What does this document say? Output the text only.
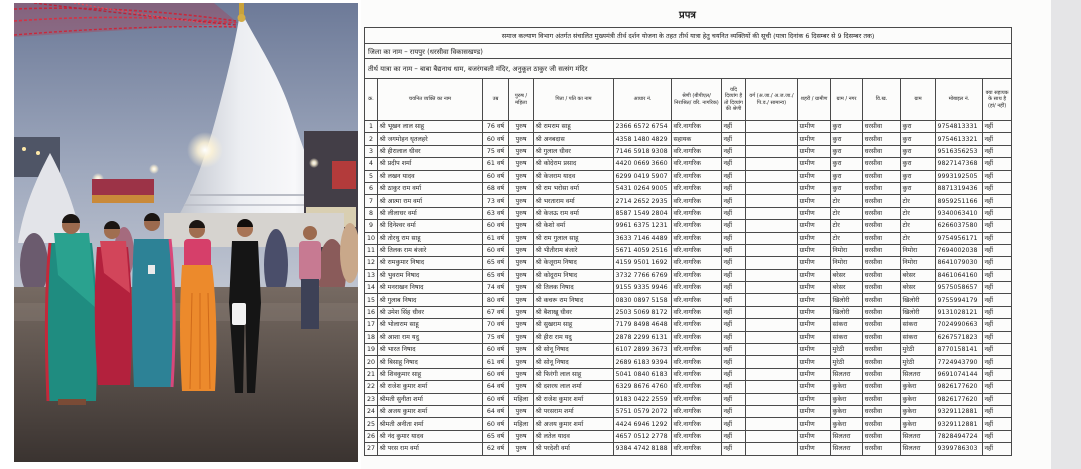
प्रपत्र
समाज कल्याण विभाग अंतर्गत संचालित मुख्यमंत्री तीर्थ दर्शन योजना के तहत तीर्थ यात्रा हेतु चयनित व्यक्तियों की सूची (यात्रा दिनांक 6 दिसम्बर से 9 दिसम्बर तक)														
जिला का नाम – रायपुर (धरसीवा विकासखण्ड)														
तीर्थ यात्रा का नाम – बाबा बैद्यनाथ धाम, बजरंगबली मंदिर, अनुकूल ठाकुर जी सत्संग मंदिर														
क्र.	चयनित व्यक्ति का नाम	उम्र	पुरुष / महिला	पिता / पति का नाम	आधार नं.	श्रेणी (बीपीएल/ निराश्रित/ वरि. नागरिक)	यदि दिव्यांग है तो दिव्यांग की श्रेणी	वर्ग (अ.जा./ अ.ज.जा./ पि.व./ सामान्य)	शहरी / ग्रामीण	ग्राम / नगर	वि.ख.	ग्राम	मोबाइल नं.	क्या सहायक के साथ है (हां/ नहीं)
1	श्री भूखन लाल साहू	76 वर्ष	पुरुष	श्री रामराम साहू	2366 6572 6754	वरि.नागरिक	नहीं		ग्रामीण	कुरा	धरसीवा	कुरा	9754813331	नहीं
2	श्री जगमोहन धृतलहरे	60 वर्ष	पुरुष	श्री अनबदास	4358 1480 4829	सहायक	नहीं		ग्रामीण	कुरा	धरसीवा	कुरा	9754613321	नहीं
3	श्री हीरालाल धीवर	75 वर्ष	पुरुष	श्री गुलाल धीवर	7146 5918 9308	वरि.नागरिक	नहीं		ग्रामीण	कुरा	धरसीवा	कुरा	9516356253	नहीं
4	श्री प्रदीप शर्मा	61 वर्ष	पुरुष	श्री कोदेराम प्रसाद	4420 0669 3660	वरि.नागरिक	नहीं		ग्रामीण	कुरा	धरसीवा	कुरा	9827147368	नहीं
5	श्री लखन यादव	60 वर्ष	पुरुष	श्री केजराम यादव	6299 0419 5907	वरि.नागरिक	नहीं		ग्रामीण	कुरा	धरसीवा	कुरा	9993192505	नहीं
6	श्री ठाकुर राम वर्मा	68 वर्ष	पुरुष	श्री राम भरोसा वर्मा	5431 0264 9005	वरि.नागरिक	नहीं		ग्रामीण	कुरा	धरसीवा	कुरा	8871319436	नहीं
7	श्री आत्मा राम वर्मा	73 वर्ष	पुरुष	श्री भरताराम वर्मा	2714 2652 2935	वरि.नागरिक	नहीं		ग्रामीण	टोर	धरसीवा	टोर	8959251166	नहीं
8	श्री लीलाधर वर्मा	63 वर्ष	पुरुष	श्री केजऊ राम वर्मा	8587 1549 2804	वरि.नागरिक	नहीं		ग्रामीण	टोर	धरसीवा	टोर	9340063410	नहीं
9	श्री दिनेश्वर वर्मा	60 वर्ष	पुरुष	श्री केशो वर्मा	9961 6375 1231	वरि.नागरिक	नहीं		ग्रामीण	टोर	धरसीवा	टोर	6266037580	नहीं
10	श्री तोरथु राम साहू	61 वर्ष	पुरुष	श्री राम गुलाल साहू	3633 7146 4489	वरि.नागरिक	नहीं		ग्रामीण	टोर	धरसीवा	टोर	9754956171	नहीं
11	श्री तिलक राम बंजारे	60 वर्ष	पुरुष	श्री भीतीराम बंजारे	5671 4059 2516	वरि.नागरिक	नहीं		ग्रामीण	निमोरा	धरसीवा	निमोरा	7694002038	नहीं
12	श्री रामकुमार निषाद	65 वर्ष	पुरुष	श्री केजूराम निषाद	4159 9501 1692	वरि.नागरिक	नहीं		ग्रामीण	निमोरा	धरसीवा	निमोरा	8641079030	नहीं
13	श्री भुवराम निषाद	65 वर्ष	पुरुष	श्री कोदूराम निषाद	3732 7766 6769	वरि.नागरिक	नहीं		ग्रामीण	बरेसर	धरसीवा	बरेसर	8461064160	नहीं
14	श्री मनराखन निषाद	74 वर्ष	पुरुष	श्री तिलक निषाद	9155 9335 9946	वरि.नागरिक	नहीं		ग्रामीण	बरेसर	धरसीवा	बरेसर	9575058657	नहीं
15	श्री गुलाब निषाद	80 वर्ष	पुरुष	श्री कचरू राम निषाद	0830 0897 5158	वरि.नागरिक	नहीं		ग्रामीण	खिलोरी	धरसीवा	खिलोरी	9755994179	नहीं
16	श्री उमेश सिंह धीवर	67 वर्ष	पुरुष	श्री बैशाखू धीवर	2503 5069 8172	वरि.नागरिक	नहीं		ग्रामीण	खिलोरी	धरसीवा	खिलोरी	9131028121	नहीं
17	श्री भोलाराम साहू	70 वर्ष	पुरुष	श्री सुखराम साहू	7179 8498 4648	वरि.नागरिक	नहीं		ग्रामीण	सांकरा	धरसीवा	सांकरा	7024990663	नहीं
18	श्री आशा राम यदु	75 वर्ष	पुरुष	श्री हीरा राम यदु	2878 2299 6131	वरि.नागरिक	नहीं		ग्रामीण	सांकरा	धरसीवा	सांकरा	6267571823	नहीं
19	श्री भारत निषाद	60 वर्ष	पुरुष	श्री सोनू निषाद	6107 2899 3673	वरि.नागरिक	नहीं		ग्रामीण	मुरेठी	धरसीवा	मुरेठी	8770158141	नहीं
20	श्री बिसाहू निषाद	61 वर्ष	पुरुष	श्री सोनू निषाद	2689 6183 9394	वरि.नागरिक	नहीं		ग्रामीण	मुरेठी	धरसीवा	मुरेठी	7724943790	नहीं
21	श्री शिवकुमार साहू	60 वर्ष	पुरुष	श्री फिरंगी लाल साहू	5041 0840 6183	वरि.नागरिक	नहीं		ग्रामीण	सिलतरा	धरसीवा	सिलतरा	9691074144	नहीं
22	श्री राजेश कुमार शर्मा	64 वर्ष	पुरुष	श्री दशरथ लाल शर्मा	6329 8676 4760	वरि.नागरिक	नहीं		ग्रामीण	कुकेरा	धरसीवा	कुकेरा	9826177620	नहीं
23	श्रीमती सुनीता शर्मा	60 वर्ष	महिला	श्री राजेश कुमार शर्मा	9183 0422 2559	वरि.नागरिक	नहीं		ग्रामीण	कुकेरा	धरसीवा	कुकेरा	9826177620	नहीं
24	श्री अजय कुमार शर्मा	64 वर्ष	पुरुष	श्री परसराम शर्मा	5751 0579 2072	वरि.नागरिक	नहीं		ग्रामीण	कुकेरा	धरसीवा	कुकेरा	9329112881	नहीं
25	श्रीमती अनीता शर्मा	60 वर्ष	महिला	श्री अजय कुमार शर्मा	4424 6946 1292	वरि.नागरिक	नहीं		ग्रामीण	कुकेरा	धरसीवा	कुकेरा	9329112881	नहीं
26	श्री नंद कुमार यादव	65 वर्ष	पुरुष	श्री लतेल यादव	4657 0512 2778	वरि.नागरिक	नहीं		ग्रामीण	सिलतरा	धरसीवा	सिलतरा	7828494724	नहीं
27	श्री परस राम वर्मा	62 वर्ष	पुरुष	श्री परदेशी वर्मा	9384 4742 8188	वरि.नागरिक	नहीं		ग्रामीण	सिलतरा	धरसीवा	सिलतरा	9399786303	नहीं
